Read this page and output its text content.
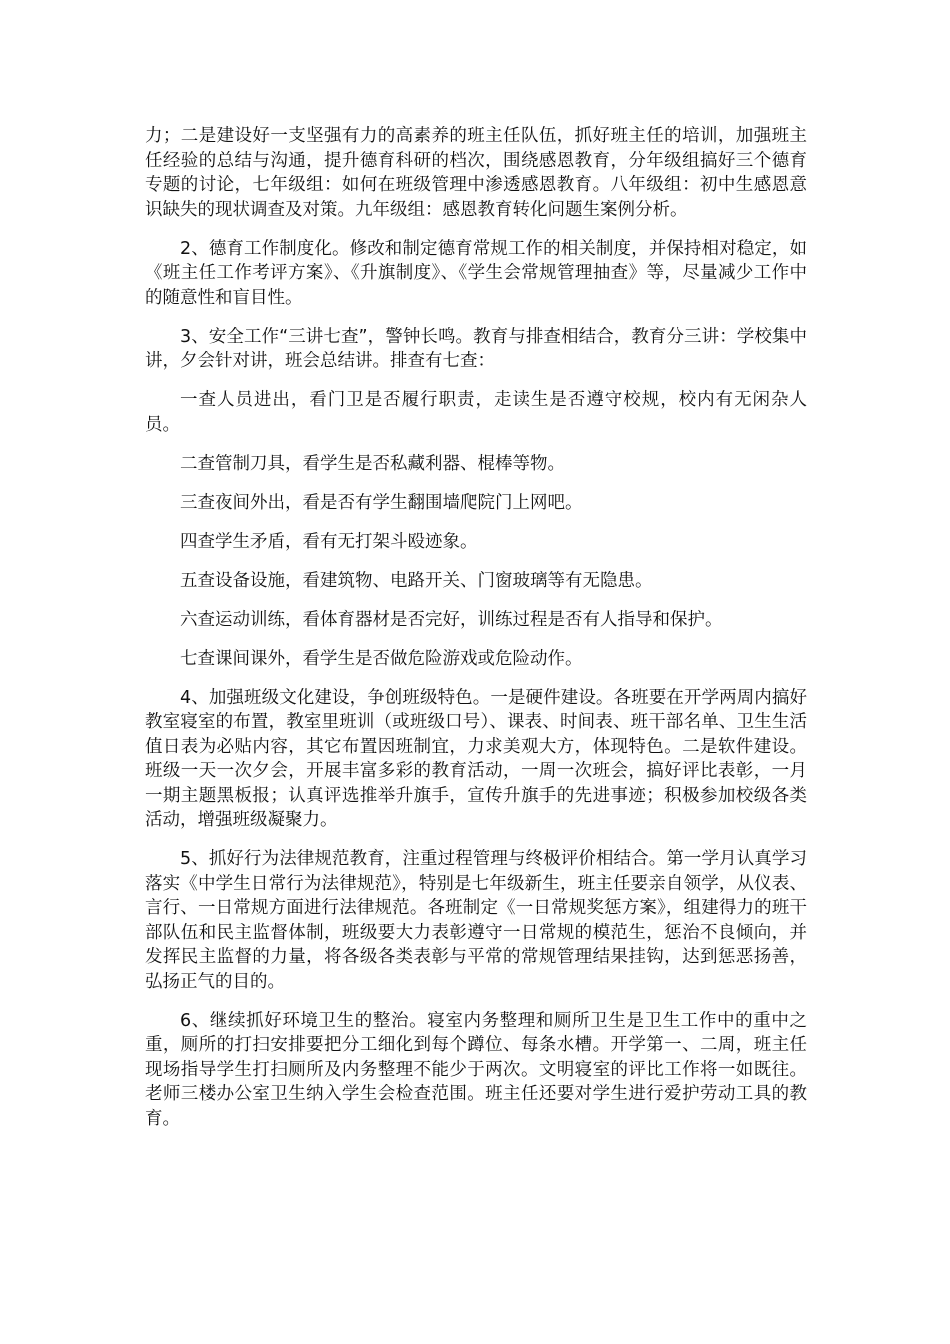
力；二是建设好一支坚强有力的高素养的班主任队伍，抓好班主任的培训，加强班主任经验的总结与沟通，提升德育科研的档次，围绕感恩教育，分年级组搞好三个德育专题的讨论，七年级组：如何在班级管理中渗透感恩教育。八年级组：初中生感恩意识缺失的现状调查及对策。九年级组：感恩教育转化问题生案例分析。

2、德育工作制度化。修改和制定德育常规工作的相关制度，并保持相对稳定，如《班主任工作考评方案》、《升旗制度》、《学生会常规管理抽查》等，尽量减少工作中的随意性和盲目性。

3、安全工作“三讲七查”，警钟长鸣。教育与排查相结合，教育分三讲：学校集中讲，夕会针对讲，班会总结讲。排查有七查：

一查人员进出，看门卫是否履行职责，走读生是否遵守校规，校内有无闲杂人员。

二查管制刀具，看学生是否私藏利器、棍棒等物。

三查夜间外出，看是否有学生翻围墙爬院门上网吧。

四查学生矛盾，看有无打架斗殴迹象。

五查设备设施，看建筑物、电路开关、门窗玻璃等有无隐患。

六查运动训练，看体育器材是否完好，训练过程是否有人指导和保护。

七查课间课外，看学生是否做危险游戏或危险动作。

4、加强班级文化建设，争创班级特色。一是硬件建设。各班要在开学两周内搞好教室寝室的布置，教室里班训（或班级口号）、课表、时间表、班干部名单、卫生生活值日表为必贴内容，其它布置因班制宜，力求美观大方，体现特色。二是软件建设。班级一天一次夕会，开展丰富多彩的教育活动，一周一次班会，搞好评比表彰，一月一期主题黑板报；认真评选推举升旗手，宣传升旗手的先进事迹；积极参加校级各类活动，增强班级凝聚力。

5、抓好行为法律规范教育，注重过程管理与终极评价相结合。第一学月认真学习落实《中学生日常行为法律规范》，特别是七年级新生，班主任要亲自领学，从仪表、言行、一日常规方面进行法律规范。各班制定《一日常规奖惩方案》，组建得力的班干部队伍和民主监督体制，班级要大力表彰遵守一日常规的模范生，惩治不良倾向，并发挥民主监督的力量，将各级各类表彰与平常的常规管理结果挂钩，达到惩恶扬善，弘扬正气的目的。

6、继续抓好环境卫生的整治。寝室内务整理和厕所卫生是卫生工作中的重中之重，厕所的打扫安排要把分工细化到每个蹲位、每条水槽。开学第一、二周，班主任现场指导学生打扫厕所及内务整理不能少于两次。文明寝室的评比工作将一如既往。老师三楼办公室卫生纳入学生会检查范围。班主任还要对学生进行爱护劳动工具的教育。
